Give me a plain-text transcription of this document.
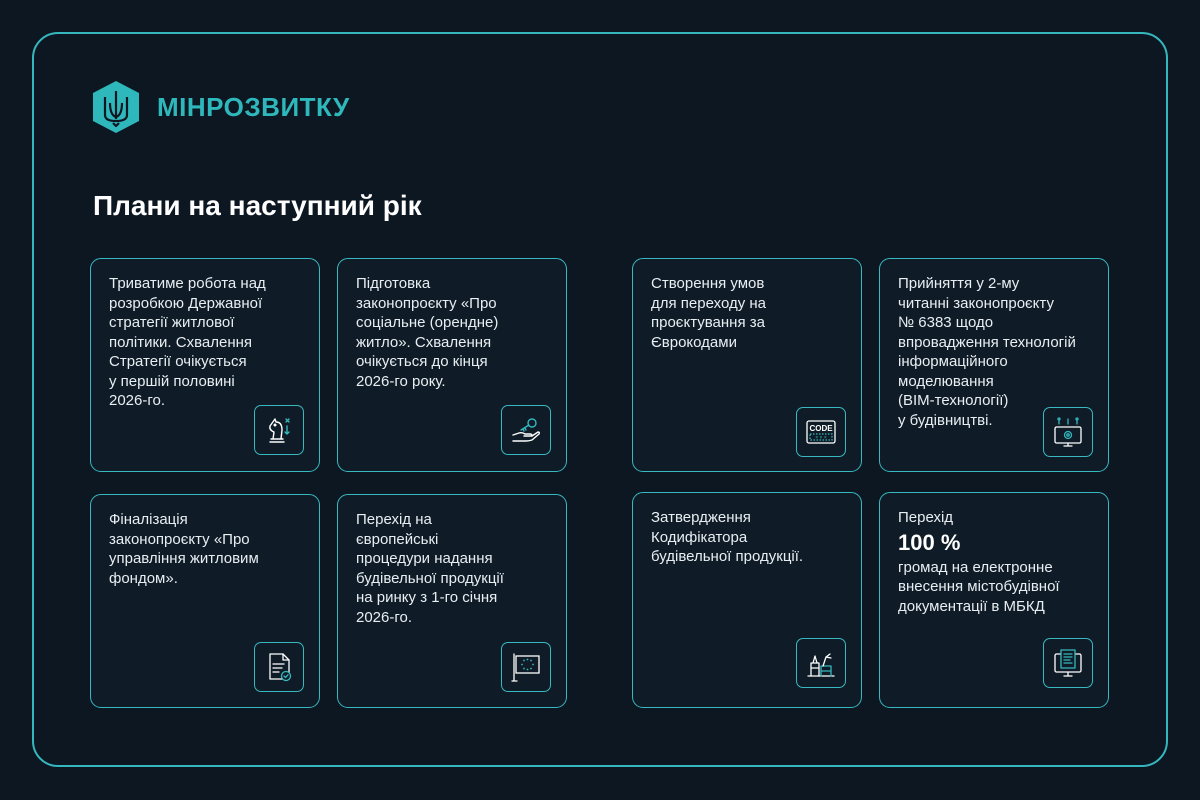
МІНРОЗВИТКУ
Плани на наступний рік

Триватиме робота над
розробкою Державної
стратегії житлової
політики. Схвалення
Стратегії очікується
у першій половині
2026-го.

Підготовка
законопроєкту «Про
соціальне (орендне)
житло». Схвалення
очікується до кінця
2026-го року.

Створення умов
для переходу на
проєктування за
Єврокодами

CODE
× × ×

Прийняття у 2-му
читанні законопроєкту
№ 6383 щодо
впровадження технологій
інформаційного
моделювання
(BIM-технології)
у будівництві.

Фіналізація
законопроєкту «Про
управління житловим
фондом».

Перехід на
європейські
процедури надання
будівельної продукції
на ринку з 1-го січня
2026-го.

Затвердження
Кодифікатора
будівельної продукції.

Перехід
100 %
громад на електронне
внесення містобудівної
документації в МБКД
